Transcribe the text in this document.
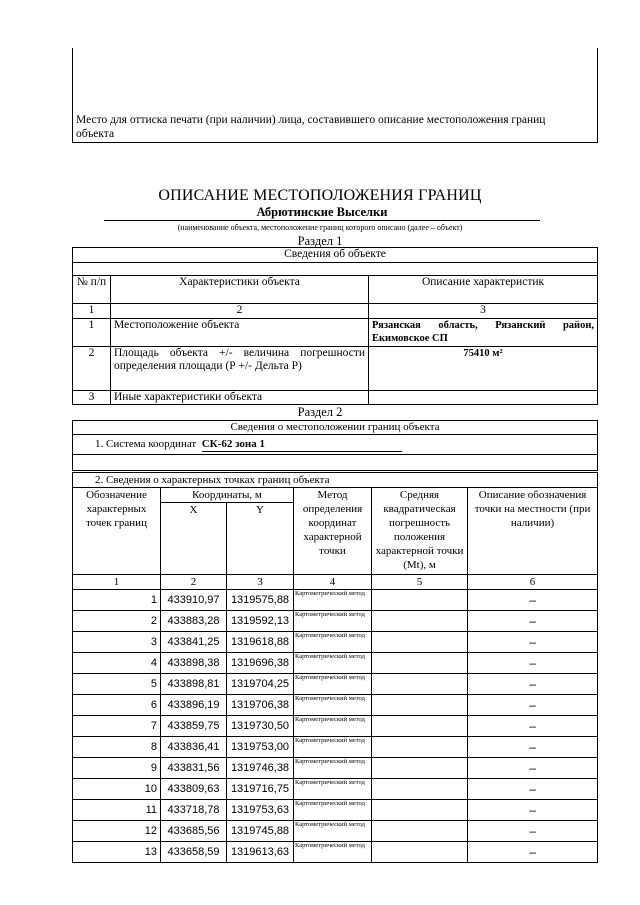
Место для оттиска печати (при наличии) лица, составившего описание местоположения границ объекта
ОПИСАНИЕ МЕСТОПОЛОЖЕНИЯ ГРАНИЦ
Абрютинские Выселки
(наименование объекта, местоположение границ которого описано (далее – объект)
Раздел 1
Сведения об объекте		

№ п/п	Характеристики объекта	Описание характеристик
1	2	3
1	Местоположение объекта	Рязанская область, Рязанский район, Екимовское СП
2	Площадь объекта +/- величина погрешности определения площади (Р +/- Дельта Р)	75410 м²
3	Иные характеристики объекта	
Раздел 2
Сведения о местоположении границ объекта
1. Система координат СК-62 зона 1

2. Сведения о характерных точках границ объекта					
Обозначение характерных точек границ	Координаты, м		Метод определения координат характерной точки	Средняя квадратическая погрешность положения характерной точки (Mt), м	Описание обозначения точки на местности (при наличии)
	X	Y			
1	2	3	4	5	6
1	433910,97	1319575,88	Картометрический метод		–
2	433883,28	1319592,13	Картометрический метод		–
3	433841,25	1319618,88	Картометрический метод		–
4	433898,38	1319696,38	Картометрический метод		–
5	433898,81	1319704,25	Картометрический метод		–
6	433896,19	1319706,38	Картометрический метод		–
7	433859,75	1319730,50	Картометрический метод		–
8	433836,41	1319753,00	Картометрический метод		–
9	433831,56	1319746,38	Картометрический метод		–
10	433809,63	1319716,75	Картометрический метод		–
11	433718,78	1319753,63	Картометрический метод		–
12	433685,56	1319745,88	Картометрический метод		–
13	433658,59	1319613,63	Картометрический метод		–
